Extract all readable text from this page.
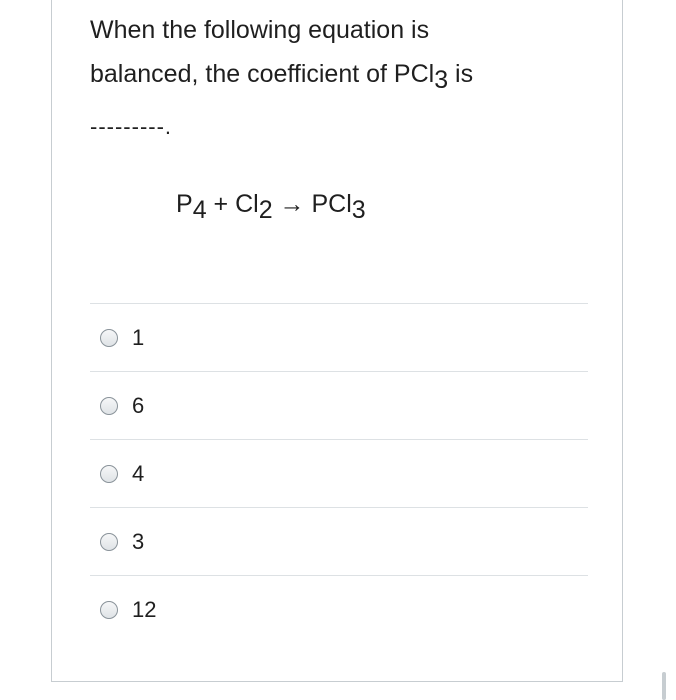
When the following equation is
balanced, the coefficient of PCl3 is
---------.
P4 + Cl2 → PCl3
1
6
4
3
12
